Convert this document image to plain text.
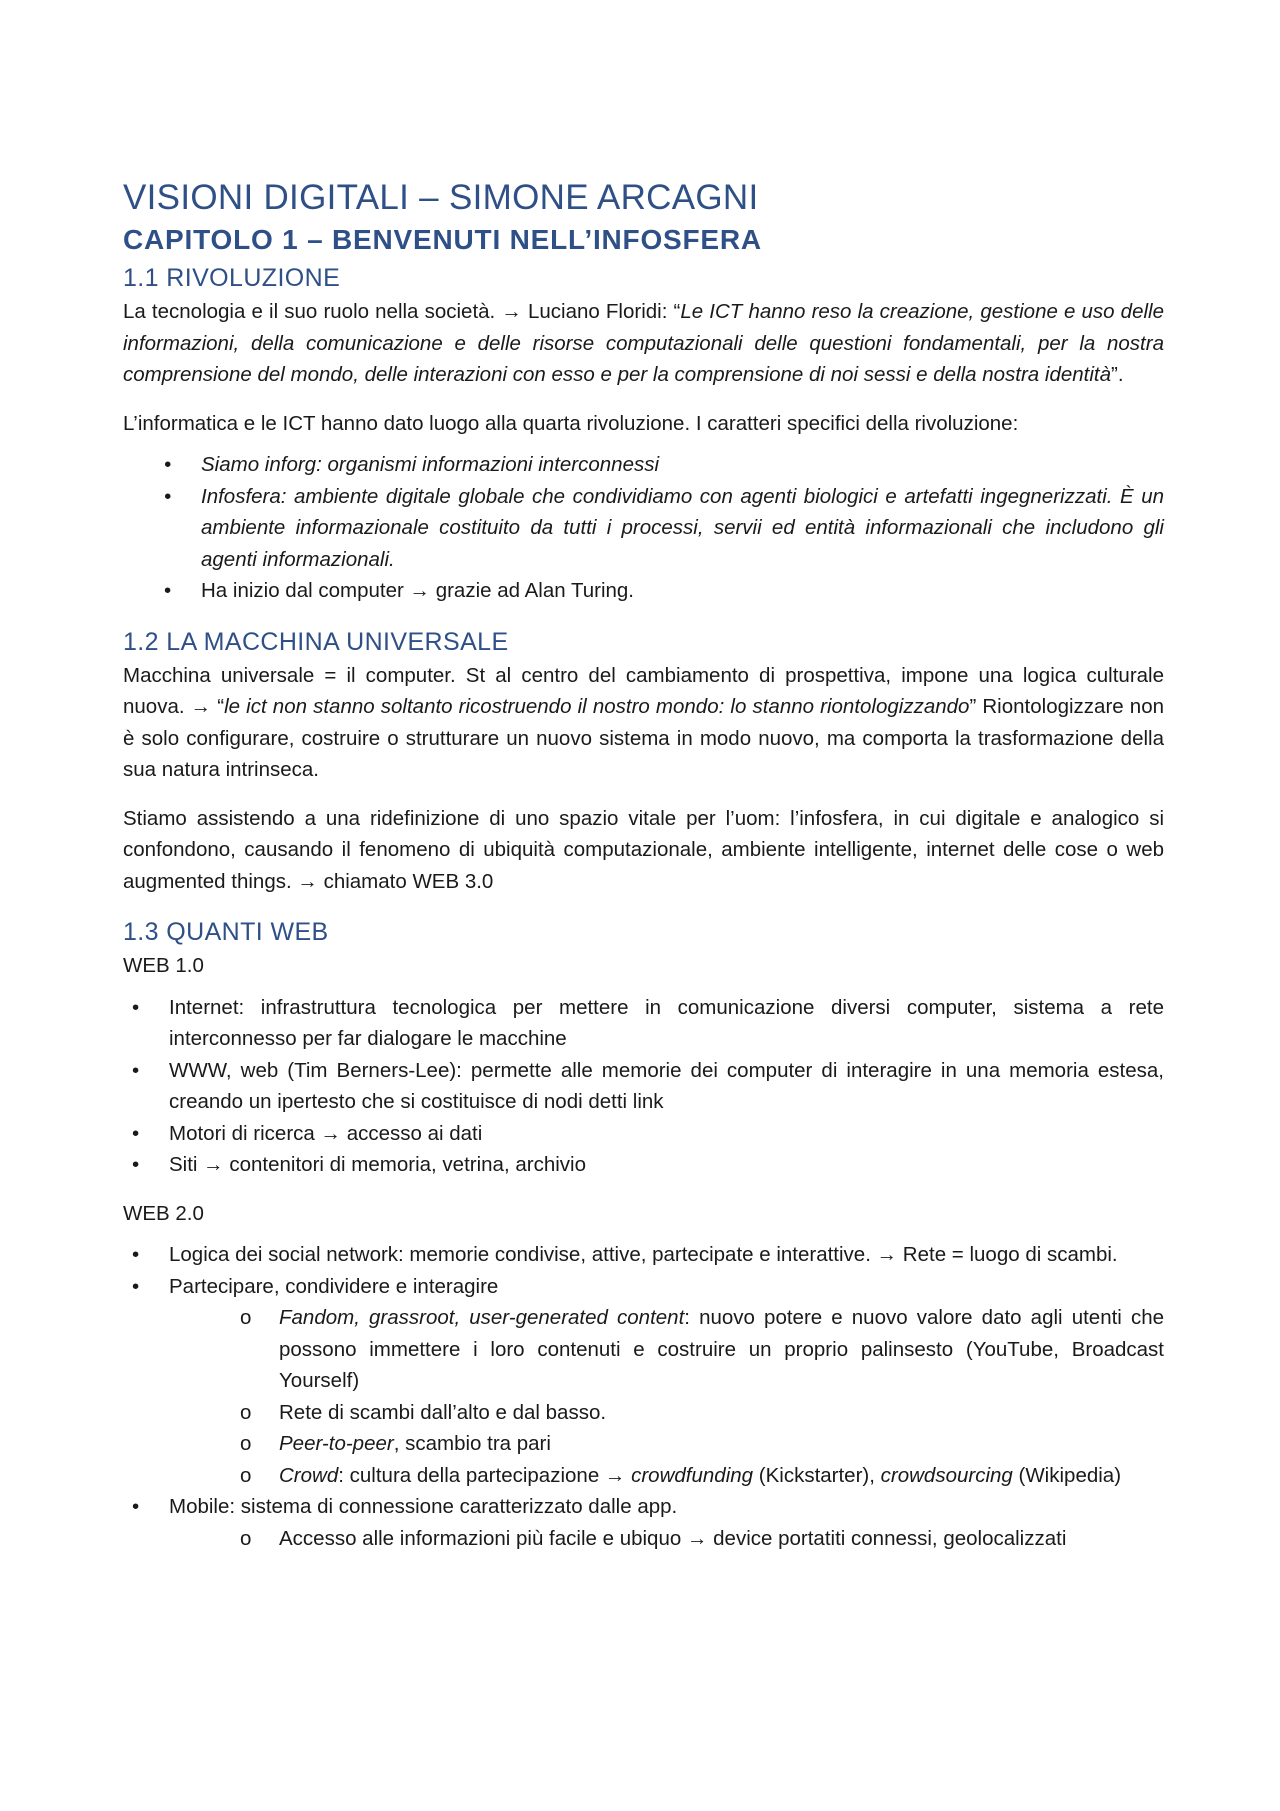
VISIONI DIGITALI – SIMONE ARCAGNI
CAPITOLO 1 – BENVENUTI NELL’INFOSFERA
1.1 RIVOLUZIONE

La tecnologia e il suo ruolo nella società. → Luciano Floridi: “Le ICT hanno reso la creazione, gestione e uso delle informazioni, della comunicazione e delle risorse computazionali delle questioni fondamentali, per la nostra comprensione del mondo, delle interazioni con esso e per la comprensione di noi sessi e della nostra identità”.

L’informatica e le ICT hanno dato luogo alla quarta rivoluzione. I caratteri specifici della rivoluzione:

• Siamo inforg: organismi informazioni interconnessi
• Infosfera: ambiente digitale globale che condividiamo con agenti biologici e artefatti ingegnerizzati. È un ambiente informazionale costituito da tutti i processi, servii ed entità informazionali che includono gli agenti informazionali.
• Ha inizio dal computer → grazie ad Alan Turing.
1.2 LA MACCHINA UNIVERSALE

Macchina universale = il computer. St al centro del cambiamento di prospettiva, impone una logica culturale nuova. → “le ict non stanno soltanto ricostruendo il nostro mondo: lo stanno riontologizzando” Riontologizzare non è solo configurare, costruire o strutturare un nuovo sistema in modo nuovo, ma comporta la trasformazione della sua natura intrinseca.

Stiamo assistendo a una ridefinizione di uno spazio vitale per l’uom: l’infosfera, in cui digitale e analogico si confondono, causando il fenomeno di ubiquità computazionale, ambiente intelligente, internet delle cose o web augmented things. → chiamato WEB 3.0

1.3 QUANTI WEB

WEB 1.0

• Internet: infrastruttura tecnologica per mettere in comunicazione diversi computer, sistema a rete interconnesso per far dialogare le macchine
• WWW, web (Tim Berners-Lee): permette alle memorie dei computer di interagire in una memoria estesa, creando un ipertesto che si costituisce di nodi detti link
• Motori di ricerca → accesso ai dati
• Siti → contenitori di memoria, vetrina, archivio

WEB 2.0

• Logica dei social network: memorie condivise, attive, partecipate e interattive. → Rete = luogo di scambi.
• Partecipare, condividere e interagire
o Fandom, grassroot, user-generated content: nuovo potere e nuovo valore dato agli utenti che possono immettere i loro contenuti e costruire un proprio palinsesto (YouTube, Broadcast Yourself)
o Rete di scambi dall’alto e dal basso.
o Peer-to-peer, scambio tra pari
o Crowd: cultura della partecipazione → crowdfunding (Kickstarter), crowdsourcing (Wikipedia)
• Mobile: sistema di connessione caratterizzato dalle app.
o Accesso alle informazioni più facile e ubiquo → device portatiti connessi, geolocalizzati
